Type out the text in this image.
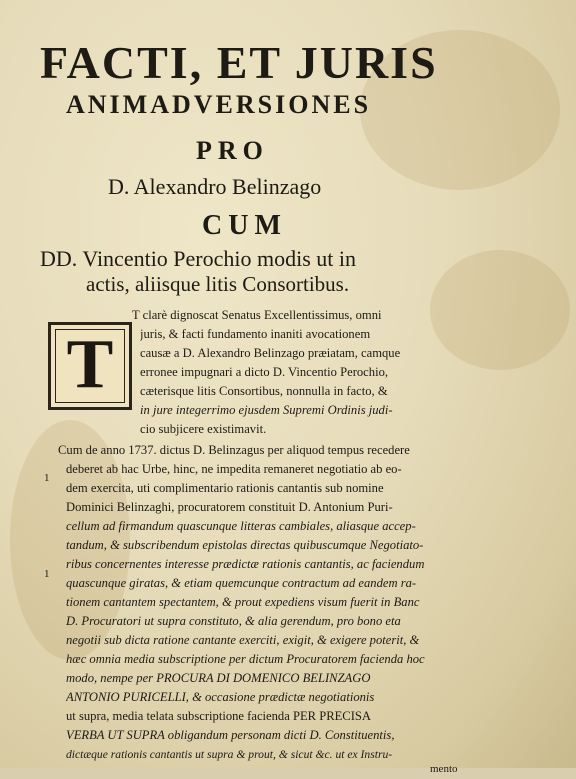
FACTI, ET JURIS
ANIMADVERSIONES
PRO
D. Alexandro Belinzago
CUM
DD. Vincentio Perochio modis ut in
actis, aliisque litis Consortibus.
T
T clarè dignoscat Senatus Excellentissimus, omni
juris, & facti fundamento inaniti avocationem
causæ a D. Alexandro Belinzago præiatam, camque
erronee impugnari a dicto D. Vincentio Perochio,
cæterisque litis Consortibus, nonnulla in facto, &
in jure integerrimo ejusdem Supremi Ordinis judi-
cio subjicere existimavit.
Cum de anno 1737. dictus D. Belinzagus per aliquod tempus recedere
deberet ab hac Urbe, hinc, ne impedita remaneret negotiatio ab eo-
dem exercita, uti complimentario rationis cantantis sub nomine
Dominici Belinzaghi, procuratorem constituit D. Antonium Puri-
cellum ad firmandum quascunque litteras cambiales, aliasque accep-
tandum, & subscribendum epistolas directas quibuscumque Negotiato-
ribus concernentes interesse prædictæ rationis cantantis, ac faciendum
quascunque giratas, & etiam quemcunque contractum ad eandem ra-
tionem cantantem spectantem, & prout expediens visum fuerit in Banc
D. Procuratori ut supra constituto, & alia gerendum, pro bono eta
negotii sub dicta ratione cantante exerciti, exigit, & exigere poterit, &
hæc omnia media subscriptione per dictum Procuratorem facienda hoc
modo, nempe per PROCURA DI DOMENICO BELINZAGO
ANTONIO PURICELLI, & occasione prædictæ negotiationis
ut supra, media telata subscriptione facienda PER PRECISA
VERBA UT SUPRA obligandum personam dicti D. Constituentis,
dictæque rationis cantantis ut supra & prout, & sicut &c. ut ex Instru-
mento
1
1
